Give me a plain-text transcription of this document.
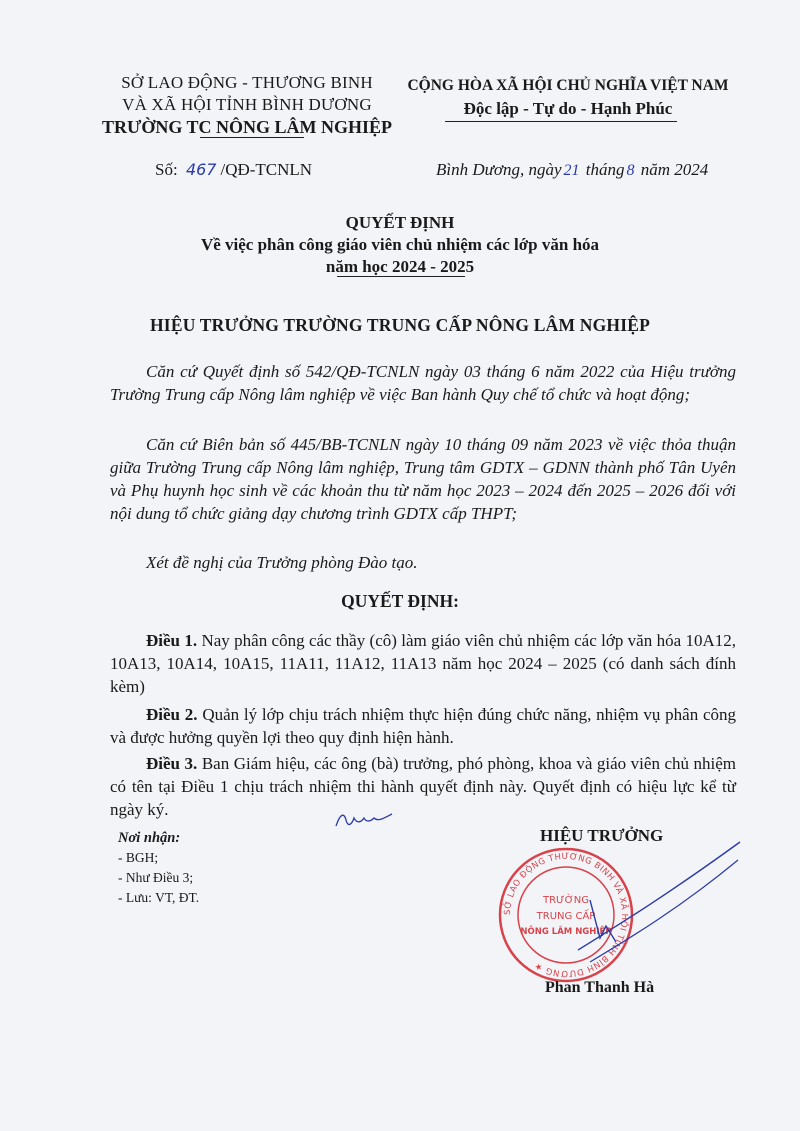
SỞ LAO ĐỘNG - THƯƠNG BINH
VÀ XÃ HỘI TỈNH BÌNH DƯƠNG
TRƯỜNG TC NÔNG LÂM NGHIỆP
CỘNG HÒA XÃ HỘI CHỦ NGHĨA VIỆT NAM
Độc lập - Tự do - Hạnh Phúc
Số: 467 /QĐ-TCNLN	Bình Dương, ngày 21 tháng 8 năm 2024
QUYẾT ĐỊNH
Về việc phân công giáo viên chủ nhiệm các lớp văn hóa
năm học 2024 - 2025
HIỆU TRƯỞNG TRƯỜNG TRUNG CẤP NÔNG LÂM NGHIỆP
Căn cứ Quyết định số 542/QĐ-TCNLN ngày 03 tháng 6 năm 2022 của Hiệu trưởng Trường Trung cấp Nông lâm nghiệp về việc Ban hành Quy chế tổ chức và hoạt động;
Căn cứ Biên bản số 445/BB-TCNLN ngày 10 tháng 09 năm 2023 về việc thỏa thuận giữa Trường Trung cấp Nông lâm nghiệp, Trung tâm GDTX – GDNN thành phố Tân Uyên và Phụ huynh học sinh về các khoản thu từ năm học 2023 – 2024 đến 2025 – 2026 đối với nội dung tổ chức giảng dạy chương trình GDTX cấp THPT;
Xét đề nghị của Trưởng phòng Đào tạo.
QUYẾT ĐỊNH:
Điều 1. Nay phân công các thầy (cô) làm giáo viên chủ nhiệm các lớp văn hóa 10A12, 10A13, 10A14, 10A15, 11A11, 11A12, 11A13 năm học 2024 – 2025 (có danh sách đính kèm)
Điều 2. Quản lý lớp chịu trách nhiệm thực hiện đúng chức năng, nhiệm vụ phân công và được hưởng quyền lợi theo quy định hiện hành.
Điều 3. Ban Giám hiệu, các ông (bà) trưởng, phó phòng, khoa và giáo viên chủ nhiệm có tên tại Điều 1 chịu trách nhiệm thi hành quyết định này. Quyết định có hiệu lực kể từ ngày ký.
Nơi nhận:
- BGH;
- Như Điều 3;
- Lưu: VT, ĐT.
HIỆU TRƯỞNG
SỞ LAO ĐỘNG THƯƠNG BINH VÀ XÃ HỘI TỈNH BÌNH DƯƠNG ★
TRƯỜNG
TRUNG CẤP
NÔNG LÂM NGHIỆP
Phan Thanh Hà
